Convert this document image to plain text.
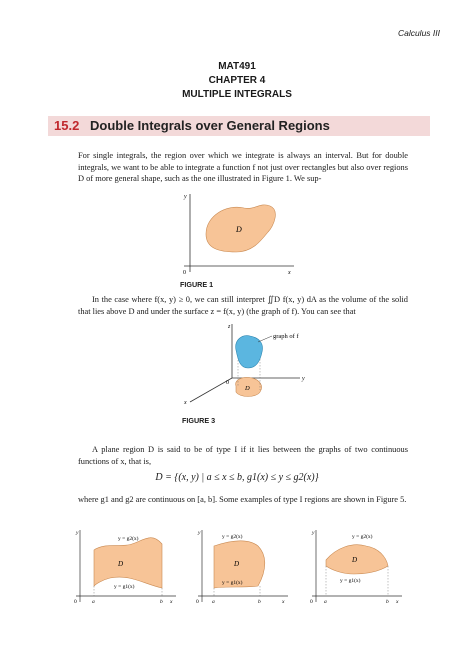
Calculus III
MAT491
CHAPTER 4
MULTIPLE INTEGRALS
15.2 Double Integrals over General Regions
For single integrals, the region over which we integrate is always an interval. But for double integrals, we want to be able to integrate a function f not just over rectangles but also over regions D of more general shape, such as the one illustrated in Figure 1. We sup-
D
y
x
0
FIGURE 1
In the case where f(x, y) ≥ 0, we can still interpret ∬D f(x, y) dA as the volume of the solid that lies above D and under the surface z = f(x, y) (the graph of f). You can see that
graph of f
D
z
y
x
0
FIGURE 3
A plane region D is said to be of type I if it lies between the graphs of two continuous functions of x, that is,
D = {(x, y) | a ≤ x ≤ b, g1(x) ≤ y ≤ g2(x)}
where g1 and g2 are continuous on [a, b]. Some examples of type I regions are shown in Figure 5.
y = g2(x)
D
y = g1(x)
a	b
y
x
0
y = g2(x)
D
y = g1(x)
a	b
y
x
0
y = g2(x)
D
y = g1(x)
a	b
y
x
0
